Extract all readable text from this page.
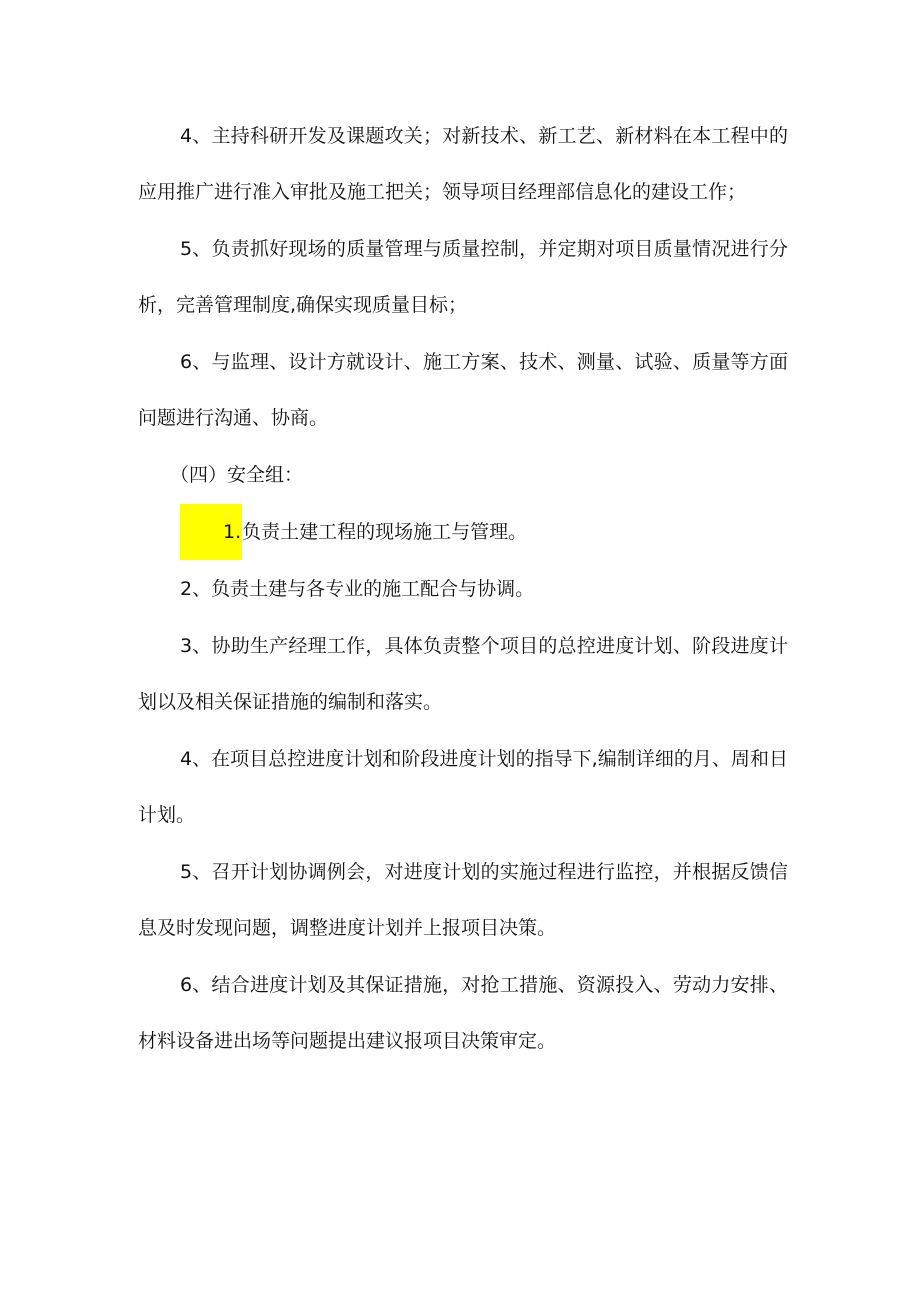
4、主持科研开发及课题攻关；对新技术、新工艺、新材料在本工程中的应用推广进行准入审批及施工把关；领导项目经理部信息化的建设工作；

5、负责抓好现场的质量管理与质量控制，并定期对项目质量情况进行分析，完善管理制度,确保实现质量目标；

6、与监理、设计方就设计、施工方案、技术、测量、试验、质量等方面问题进行沟通、协商。

（四）安全组：

1.负责土建工程的现场施工与管理。

2、负责土建与各专业的施工配合与协调。

3、协助生产经理工作，具体负责整个项目的总控进度计划、阶段进度计划以及相关保证措施的编制和落实。

4、在项目总控进度计划和阶段进度计划的指导下,编制详细的月、周和日计划。

5、召开计划协调例会，对进度计划的实施过程进行监控，并根据反馈信息及时发现问题，调整进度计划并上报项目决策。

6、结合进度计划及其保证措施，对抢工措施、资源投入、劳动力安排、材料设备进出场等问题提出建议报项目决策审定。
